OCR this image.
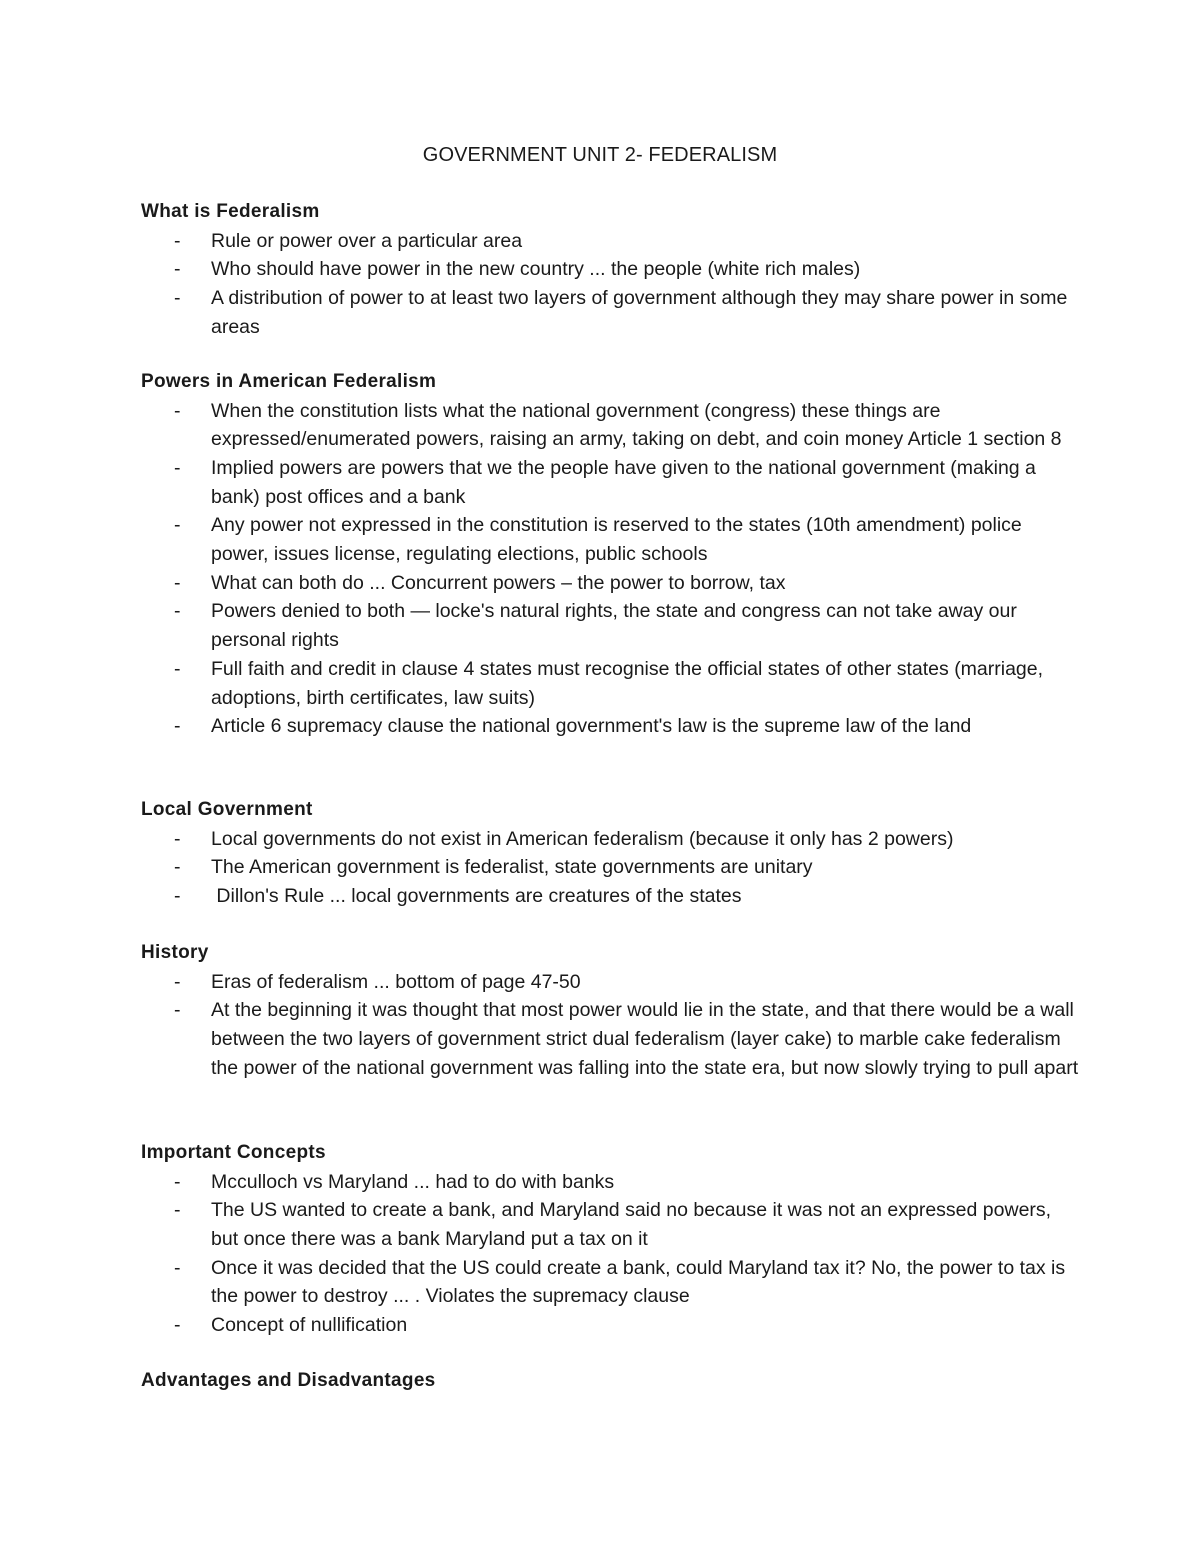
GOVERNMENT UNIT 2- FEDERALISM
What is Federalism
- Rule or power over a particular area
- Who should have power in the new country ... the people (white rich males)
- A distribution of power to at least two layers of government although they may share power in some areas
Powers in American Federalism
- When the constitution lists what the national government (congress) these things are expressed/enumerated powers, raising an army, taking on debt, and coin money Article 1 section 8
- Implied powers are powers that we the people have given to the national government (making a bank) post offices and a bank
- Any power not expressed in the constitution is reserved to the states (10th amendment) police power, issues license, regulating elections, public schools
- What can both do ... Concurrent powers – the power to borrow, tax
- Powers denied to both — locke's natural rights, the state and congress can not take away our personal rights
- Full faith and credit in clause 4 states must recognise the official states of other states (marriage, adoptions, birth certificates, law suits)
- Article 6 supremacy clause the national government's law is the supreme law of the land
Local Government
- Local governments do not exist in American federalism (because it only has 2 powers)
- The American government is federalist, state governments are unitary
- Dillon's Rule ... local governments are creatures of the states
History
- Eras of federalism ... bottom of page 47-50
- At the beginning it was thought that most power would lie in the state, and that there would be a wall between the two layers of government strict dual federalism (layer cake) to marble cake federalism the power of the national government was falling into the state era, but now slowly trying to pull apart
Important Concepts
- Mcculloch vs Maryland ... had to do with banks
- The US wanted to create a bank, and Maryland said no because it was not an expressed powers, but once there was a bank Maryland put a tax on it
- Once it was decided that the US could create a bank, could Maryland tax it? No, the power to tax is the power to destroy ... . Violates the supremacy clause
- Concept of nullification
Advantages and Disadvantages
